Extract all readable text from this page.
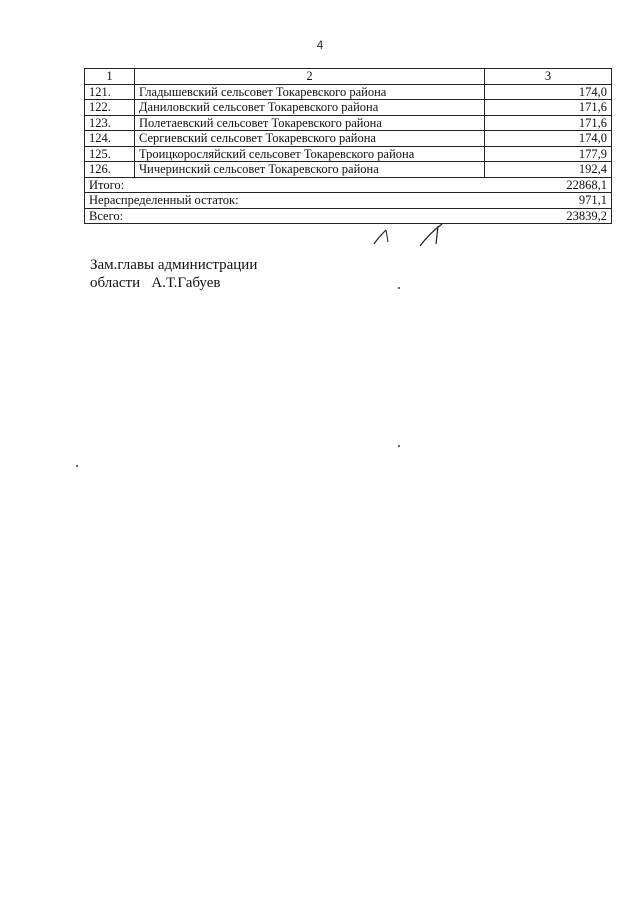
4
1	2	3
121.	Гладышевский сельсовет Токаревского района	174,0
122.	Даниловский сельсовет Токаревского района	171,6
123.	Полетаевский сельсовет Токаревского района	171,6
124.	Сергиевский сельсовет Токаревского района	174,0
125.	Троицкоросляйский сельсовет Токаревского района	177,9
126.	Чичеринский сельсовет Токаревского района	192,4
Итого:		22868,1
Нераспределенный остаток:		971,1
Всего:		23839,2
Зам.главы администрации
области А.Т.Габуев
